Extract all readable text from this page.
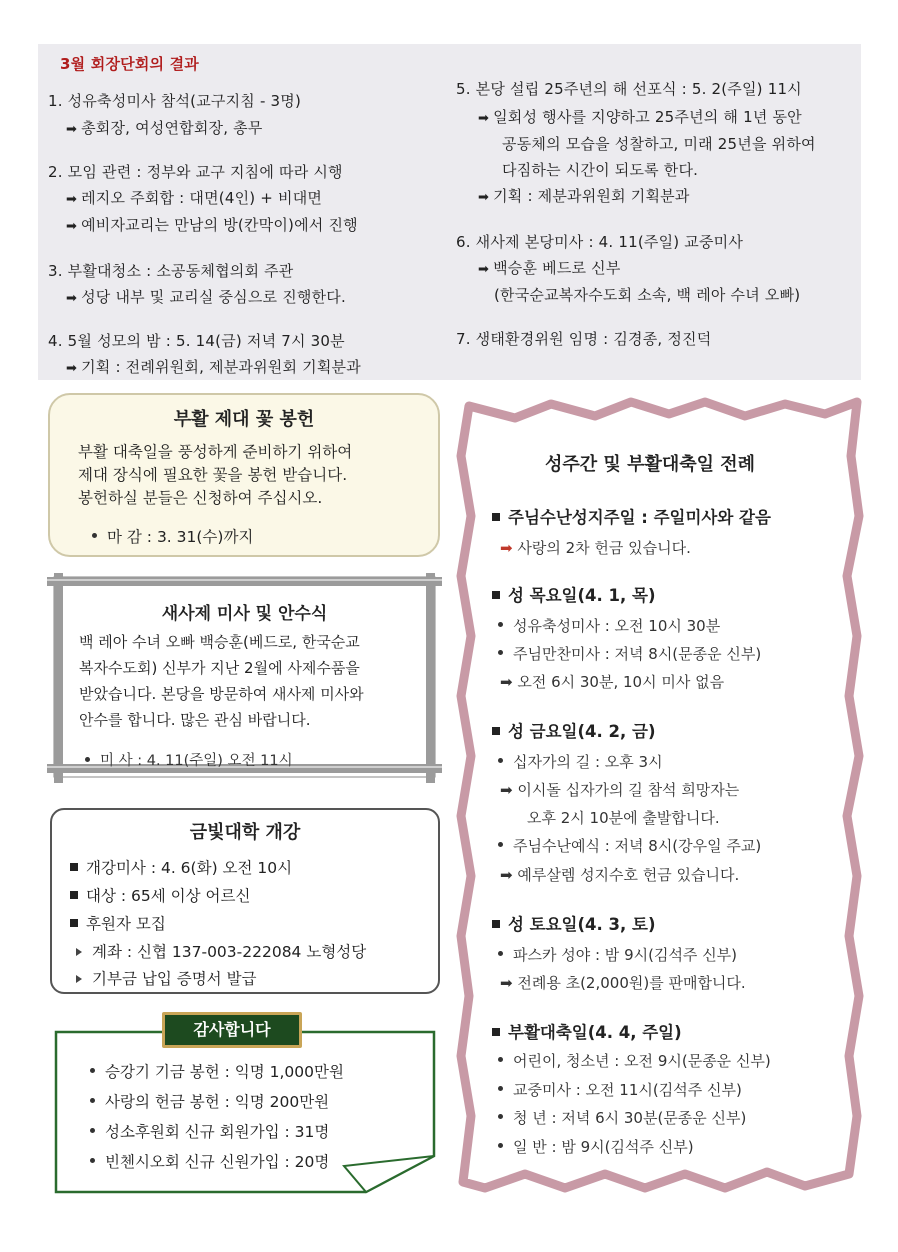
3월 회장단회의 결과
1. 성유축성미사 참석(교구지침 - 3명)
➡ 총회장, 여성연합회장, 총무
2. 모임 관련 : 정부와 교구 지침에 따라 시행
➡ 레지오 주회합 : 대면(4인) + 비대면
➡ 예비자교리는 만남의 방(칸막이)에서 진행
3. 부활대청소 : 소공동체협의회 주관
➡ 성당 내부 및 교리실 중심으로 진행한다.
4. 5월 성모의 밤 : 5. 14(금) 저녁 7시 30분
➡ 기획 : 전례위원회, 제분과위원회 기획분과
5. 본당 설립 25주년의 해 선포식 : 5. 2(주일) 11시
➡ 일회성 행사를 지양하고 25주년의 해 1년 동안
공동체의 모습을 성찰하고, 미래 25년을 위하여
다짐하는 시간이 되도록 한다.
➡ 기획 : 제분과위원회 기획분과
6. 새사제 본당미사 : 4. 11(주일) 교중미사
➡ 백승훈 베드로 신부
(한국순교복자수도회 소속, 백 레아 수녀 오빠)
7. 생태환경위원 임명 : 김경종, 정진덕
부활 제대 꽃 봉헌
부활 대축일을 풍성하게 준비하기 위하여
제대 장식에 필요한 꽃을 봉헌 받습니다.
봉헌하실 분들은 신청하여 주십시오.
마 감 : 3. 31(수)까지
새사제 미사 및 안수식
백 레아 수녀 오빠 백승훈(베드로, 한국순교
복자수도회) 신부가 지난 2월에 사제수품을
받았습니다. 본당을 방문하여 새사제 미사와
안수를 합니다. 많은 관심 바랍니다.
미 사 : 4. 11(주일) 오전 11시
금빛대학 개강
개강미사 : 4. 6(화) 오전 10시
대상 : 65세 이상 어르신
후원자 모집
계좌 : 신협 137-003-222084 노형성당
기부금 납입 증명서 발급
감사합니다
승강기 기금 봉헌 : 익명 1,000만원
사랑의 헌금 봉헌 : 익명 200만원
성소후원회 신규 회원가입 : 31명
빈첸시오회 신규 신원가입 : 20명
성주간 및 부활대축일 전례
주님수난성지주일 : 주일미사와 같음
➡ 사랑의 2차 헌금 있습니다.
성 목요일(4. 1, 목)
성유축성미사 : 오전 10시 30분
주님만찬미사 : 저녁 8시(문종운 신부)
➡ 오전 6시 30분, 10시 미사 없음
성 금요일(4. 2, 금)
십자가의 길 : 오후 3시
➡ 이시돌 십자가의 길 참석 희망자는
오후 2시 10분에 출발합니다.
주님수난예식 : 저녁 8시(강우일 주교)
➡ 예루살렘 성지수호 헌금 있습니다.
성 토요일(4. 3, 토)
파스카 성야 : 밤 9시(김석주 신부)
➡ 전례용 초(2,000원)를 판매합니다.
부활대축일(4. 4, 주일)
어린이, 청소년 : 오전 9시(문종운 신부)
교중미사 : 오전 11시(김석주 신부)
청 년 : 저녁 6시 30분(문종운 신부)
일 반 : 밤 9시(김석주 신부)
